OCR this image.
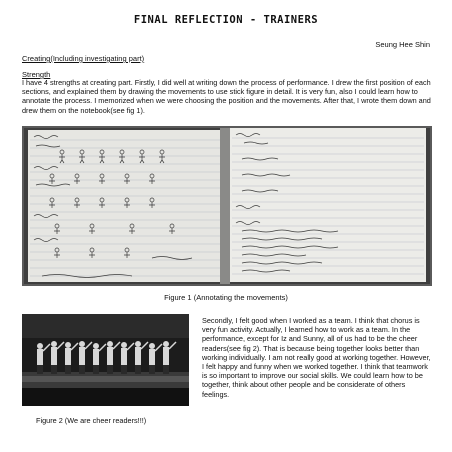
FINAL REFLECTION - TRAINERS
Seung Hee Shin
Creating(Including investigating part)
Strength

I have 4 strengths at creating part. Firstly, I did well at writing down the process of performance. I drew the first position of each sections, and explained them by drawing the movements to use stick figure in detail. It is very fun, also I could learn how to annotate the process. I memorized when we were choosing the position and the movements. After that, I wrote them down and drew them on the notebook(see fig 1).

Figure 1 (Annotating the movements)
Figure 2 (We are cheer readers!!!)

Secondly, I felt good when I worked as a team. I think that chorus is very fun activity. Actually, I learned how to work as a team. In the performance, except for Iz and Sunny, all of us had to be the cheer readers(see fig 2). That is because being together looks better than working individually. I am not really good at working together. However, I felt happy and funny when we worked together. I think that teamwork is so important to improve our social skills. We could learn how to be together, think about other people and be considerate of others feelings.
